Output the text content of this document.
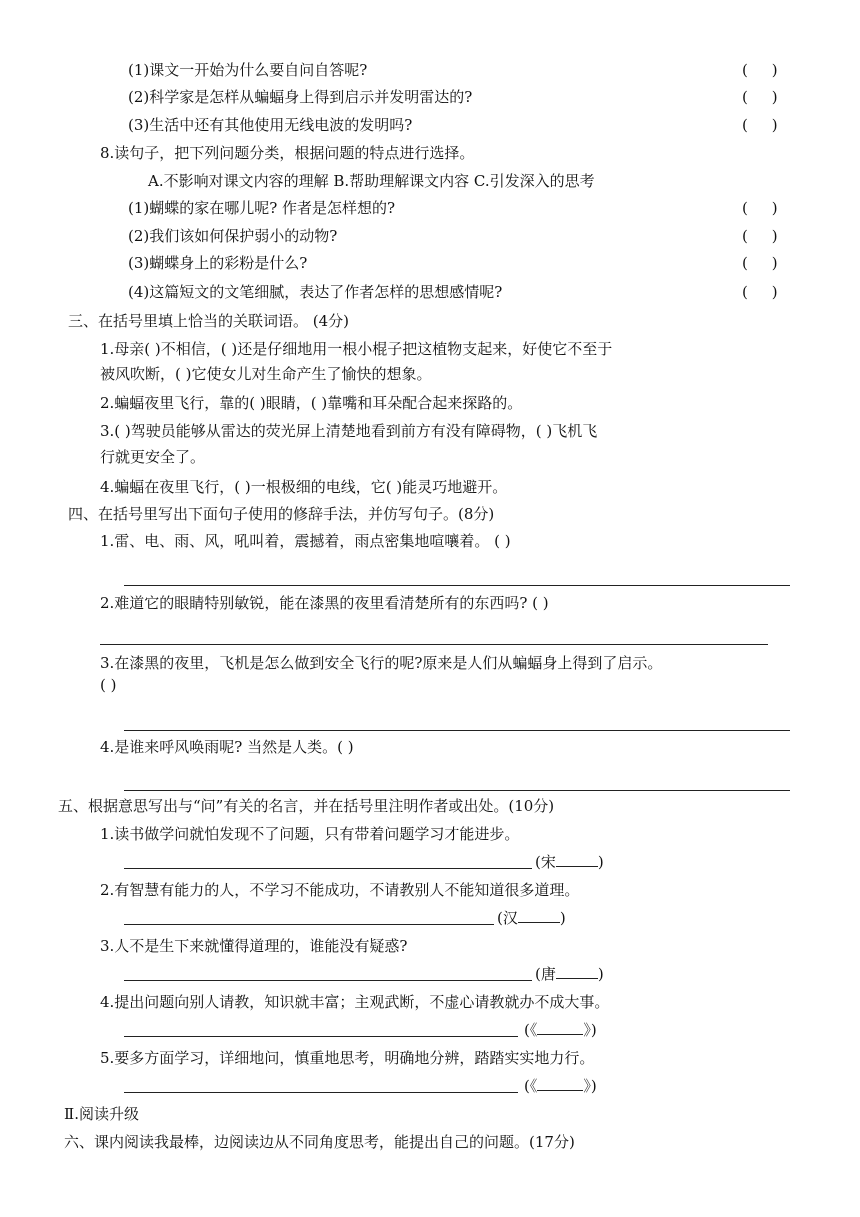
(1)课文一开始为什么要自问自答呢?	(     )
(2)科学家是怎样从蝙蝠身上得到启示并发明雷达的?	(     )
(3)生活中还有其他使用无线电波的发明吗?	(     )
8.读句子，把下列问题分类，根据问题的特点进行选择。
A.不影响对课文内容的理解 B.帮助理解课文内容 C.引发深入的思考
(1)蝴蝶的家在哪儿呢? 作者是怎样想的?	(     )
(2)我们该如何保护弱小的动物?	(     )
(3)蝴蝶身上的彩粉是什么?	(     )
(4)这篇短文的文笔细腻，表达了作者怎样的思想感情呢?	(     )
三、在括号里填上恰当的关联词语。 (4分)
1.母亲( )不相信，( )还是仔细地用一根小棍子把这植物支起来，好使它不至于
被风吹断，( )它使女儿对生命产生了愉快的想象。
2.蝙蝠夜里飞行，靠的( )眼睛，( )靠嘴和耳朵配合起来探路的。
3.( )驾驶员能够从雷达的荧光屏上清楚地看到前方有没有障碍物，( )飞机飞
行就更安全了。
4.蝙蝠在夜里飞行，( )一根极细的电线，它( )能灵巧地避开。
四、在括号里写出下面句子使用的修辞手法，并仿写句子。(8分)
1.雷、电、雨、风，吼叫着，震撼着，雨点密集地喧嚷着。 ( )
2.难道它的眼睛特别敏锐，能在漆黑的夜里看清楚所有的东西吗? ( )
3.在漆黑的夜里，飞机是怎么做到安全飞行的呢?原来是人们从蝙蝠身上得到了启示。
( )
4.是谁来呼风唤雨呢? 当然是人类。( )
五、根据意思写出与“问”有关的名言，并在括号里注明作者或出处。(10分)
1.读书做学问就怕发现不了问题，只有带着问题学习才能进步。
(宋	)
2.有智慧有能力的人，不学习不能成功，不请教别人不能知道很多道理。
(汉	)
3.人不是生下来就懂得道理的，谁能没有疑惑?
(唐	)
4.提出问题向别人请教，知识就丰富；主观武断，不虚心请教就办不成大事。
(《	》)
5.要多方面学习，详细地问，慎重地思考，明确地分辨，踏踏实实地力行。
(《	》)
Ⅱ.阅读升级
六、课内阅读我最棒，边阅读边从不同角度思考，能提出自己的问题。(17分)
